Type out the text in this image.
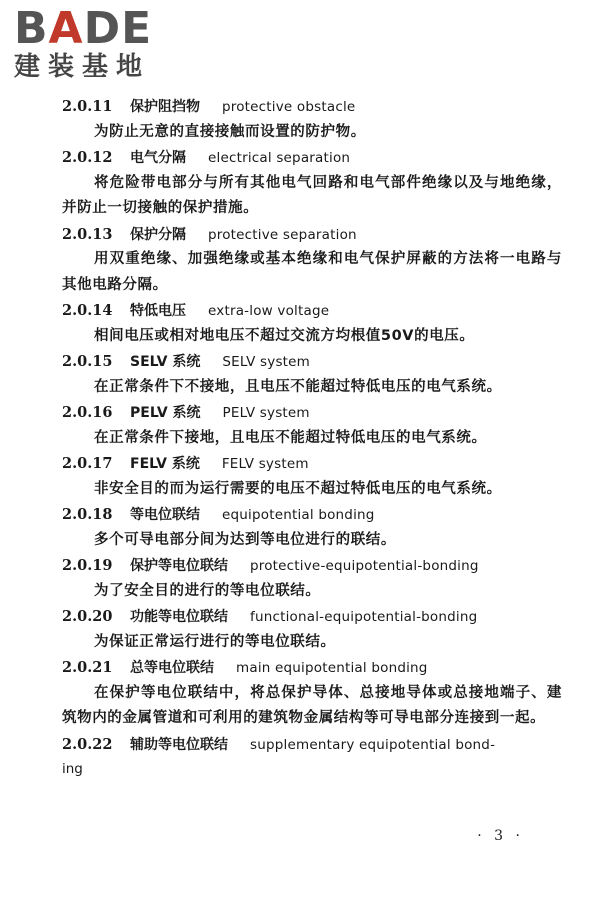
BADE
建装基地
2.0.11 保护阻挡物 protective obstacle
为防止无意的直接接触而设置的防护物。
2.0.12 电气分隔 electrical separation
将危险带电部分与所有其他电气回路和电气部件绝缘以及与地绝缘，并防止一切接触的保护措施。
2.0.13 保护分隔 protective separation
用双重绝缘、加强绝缘或基本绝缘和电气保护屏蔽的方法将一电路与其他电路分隔。
2.0.14 特低电压 extra-low voltage
相间电压或相对地电压不超过交流方均根值50V的电压。
2.0.15 SELV 系统 SELV system
在正常条件下不接地，且电压不能超过特低电压的电气系统。
2.0.16 PELV 系统 PELV system
在正常条件下接地，且电压不能超过特低电压的电气系统。
2.0.17 FELV 系统 FELV system
非安全目的而为运行需要的电压不超过特低电压的电气系统。
2.0.18 等电位联结 equipotential bonding
多个可导电部分间为达到等电位进行的联结。
2.0.19 保护等电位联结 protective-equipotential-bonding
为了安全目的进行的等电位联结。
2.0.20 功能等电位联结 functional-equipotential-bonding
为保证正常运行进行的等电位联结。
2.0.21 总等电位联结 main equipotential bonding
在保护等电位联结中，将总保护导体、总接地导体或总接地端子、建筑物内的金属管道和可利用的建筑物金属结构等可导电部分连接到一起。
2.0.22 辅助等电位联结 supplementary equipotential bond-
ing
· 3 ·
